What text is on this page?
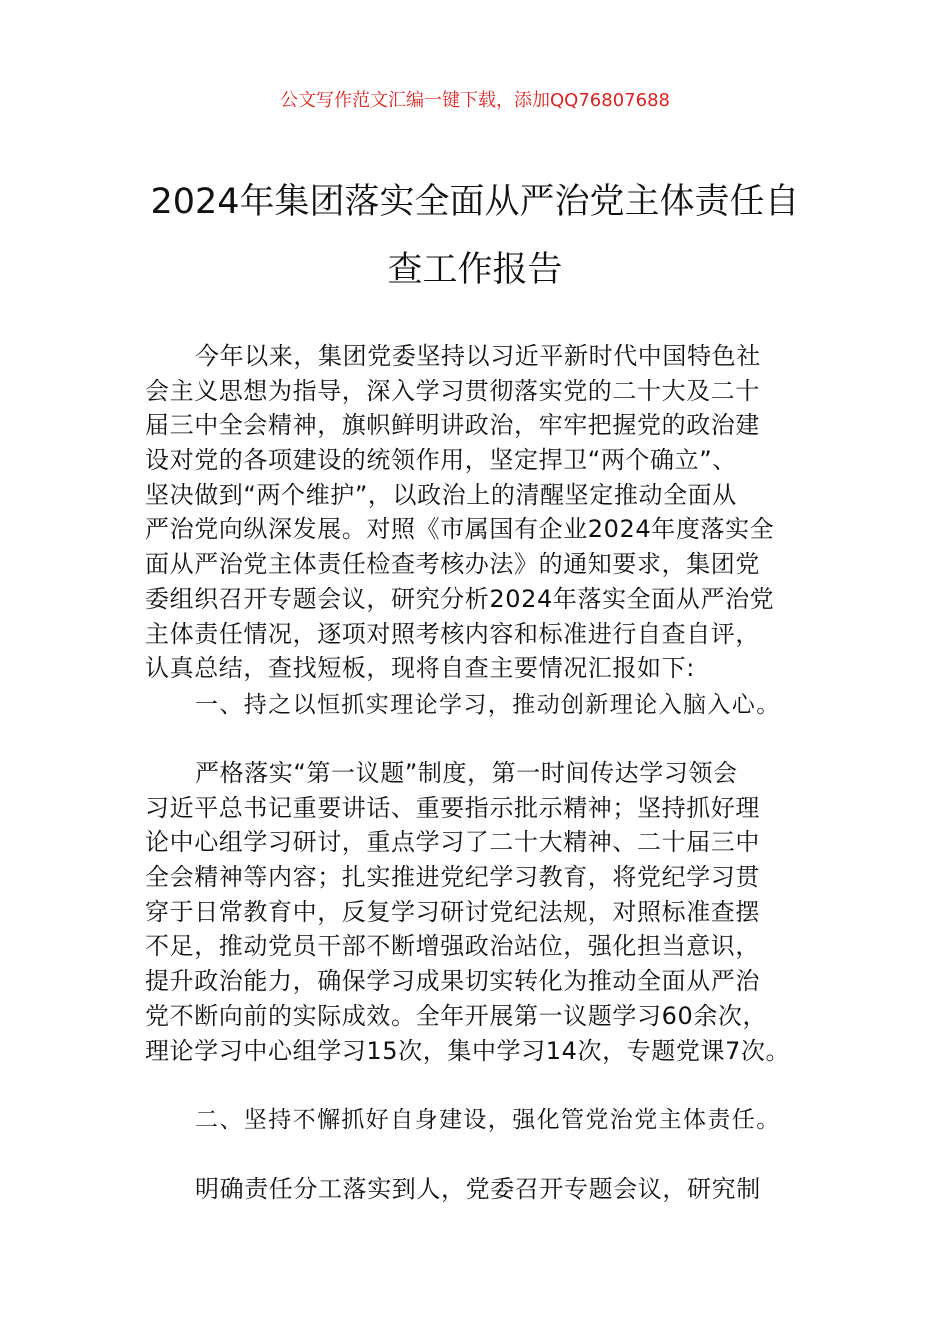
公文写作范文汇编一键下载，添加QQ76807688
2024年集团落实全面从严治党主体责任自
查工作报告
今年以来，集团党委坚持以习近平新时代中国特色社
会主义思想为指导，深入学习贯彻落实党的二十大及二十
届三中全会精神，旗帜鲜明讲政治，牢牢把握党的政治建
设对党的各项建设的统领作用，坚定捍卫“两个确立”、
坚决做到“两个维护”，以政治上的清醒坚定推动全面从
严治党向纵深发展。对照《市属国有企业2024年度落实全
面从严治党主体责任检查考核办法》的通知要求，集团党
委组织召开专题会议，研究分析2024年落实全面从严治党
主体责任情况，逐项对照考核内容和标准进行自查自评，
认真总结，查找短板，现将自查主要情况汇报如下:
一、持之以恒抓实理论学习，推动创新理论入脑入心。
严格落实“第一议题”制度，第一时间传达学习领会
习近平总书记重要讲话、重要指示批示精神；坚持抓好理
论中心组学习研讨，重点学习了二十大精神、二十届三中
全会精神等内容；扎实推进党纪学习教育，将党纪学习贯
穿于日常教育中，反复学习研讨党纪法规，对照标准查摆
不足，推动党员干部不断增强政治站位，强化担当意识，
提升政治能力，确保学习成果切实转化为推动全面从严治
党不断向前的实际成效。全年开展第一议题学习60余次，
理论学习中心组学习15次，集中学习14次，专题党课7次。
二、坚持不懈抓好自身建设，强化管党治党主体责任。
明确责任分工落实到人，党委召开专题会议，研究制
